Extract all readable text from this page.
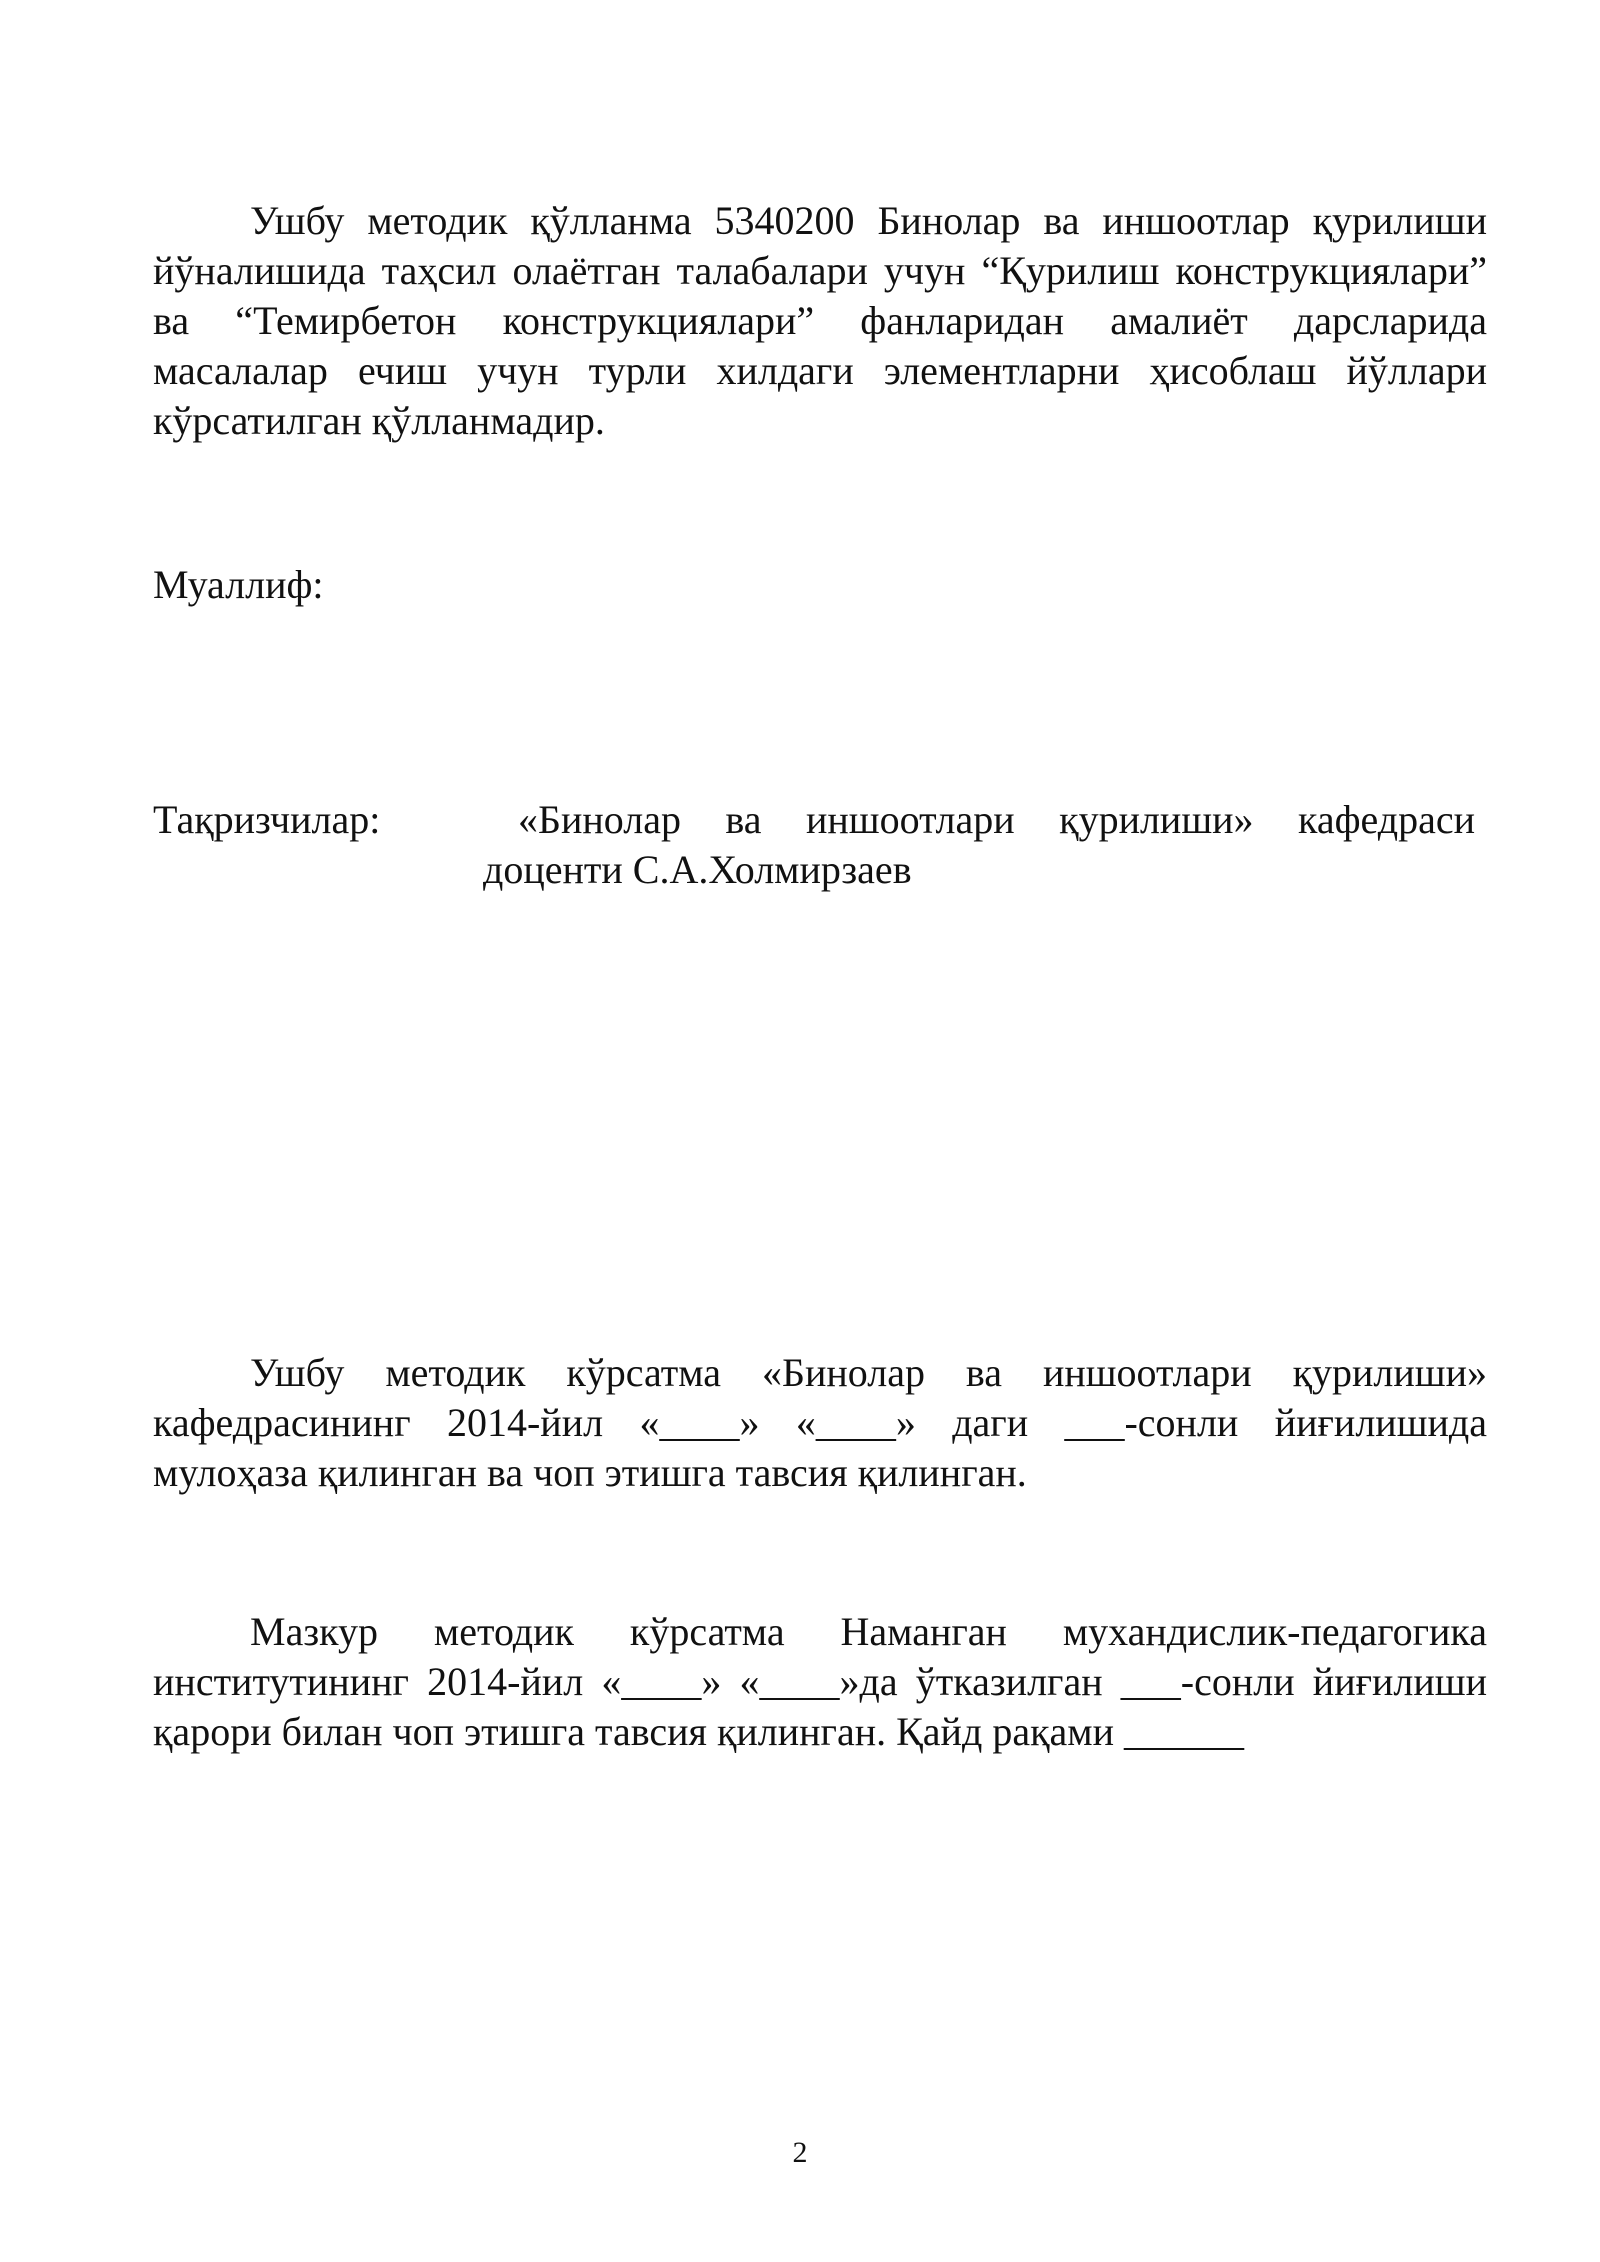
Ушбу методик қўлланма 5340200 Бинолар ва иншоотлар қурилиши йўналишида таҳсил олаётган талабалари учун “Қурилиш конструкциялари” ва “Темирбетон конструкциялари” фанларидан амалиёт дарсларида масалалар ечиш учун турли хилдаги элементларни ҳисоблаш йўллари кўрсатилган қўлланмадир.

Муаллиф:

Тақризчилар:	«Бинолар ва иншоотлари қурилиши» кафедраси доценти С.А.Холмирзаев

Ушбу методик кўрсатма «Бинолар ва иншоотлари қурилиши» кафедрасининг 2014-йил «____» «____» даги ___-сонли йиғилишида мулоҳаза қилинган ва чоп этишга тавсия қилинган.

Мазкур методик кўрсатма Наманган мухандислик-педагогика институтининг 2014-йил «____» «____»да ўтказилган ___-сонли йиғилиши қарори билан чоп этишга тавсия қилинган. Қайд рақами ______

2
